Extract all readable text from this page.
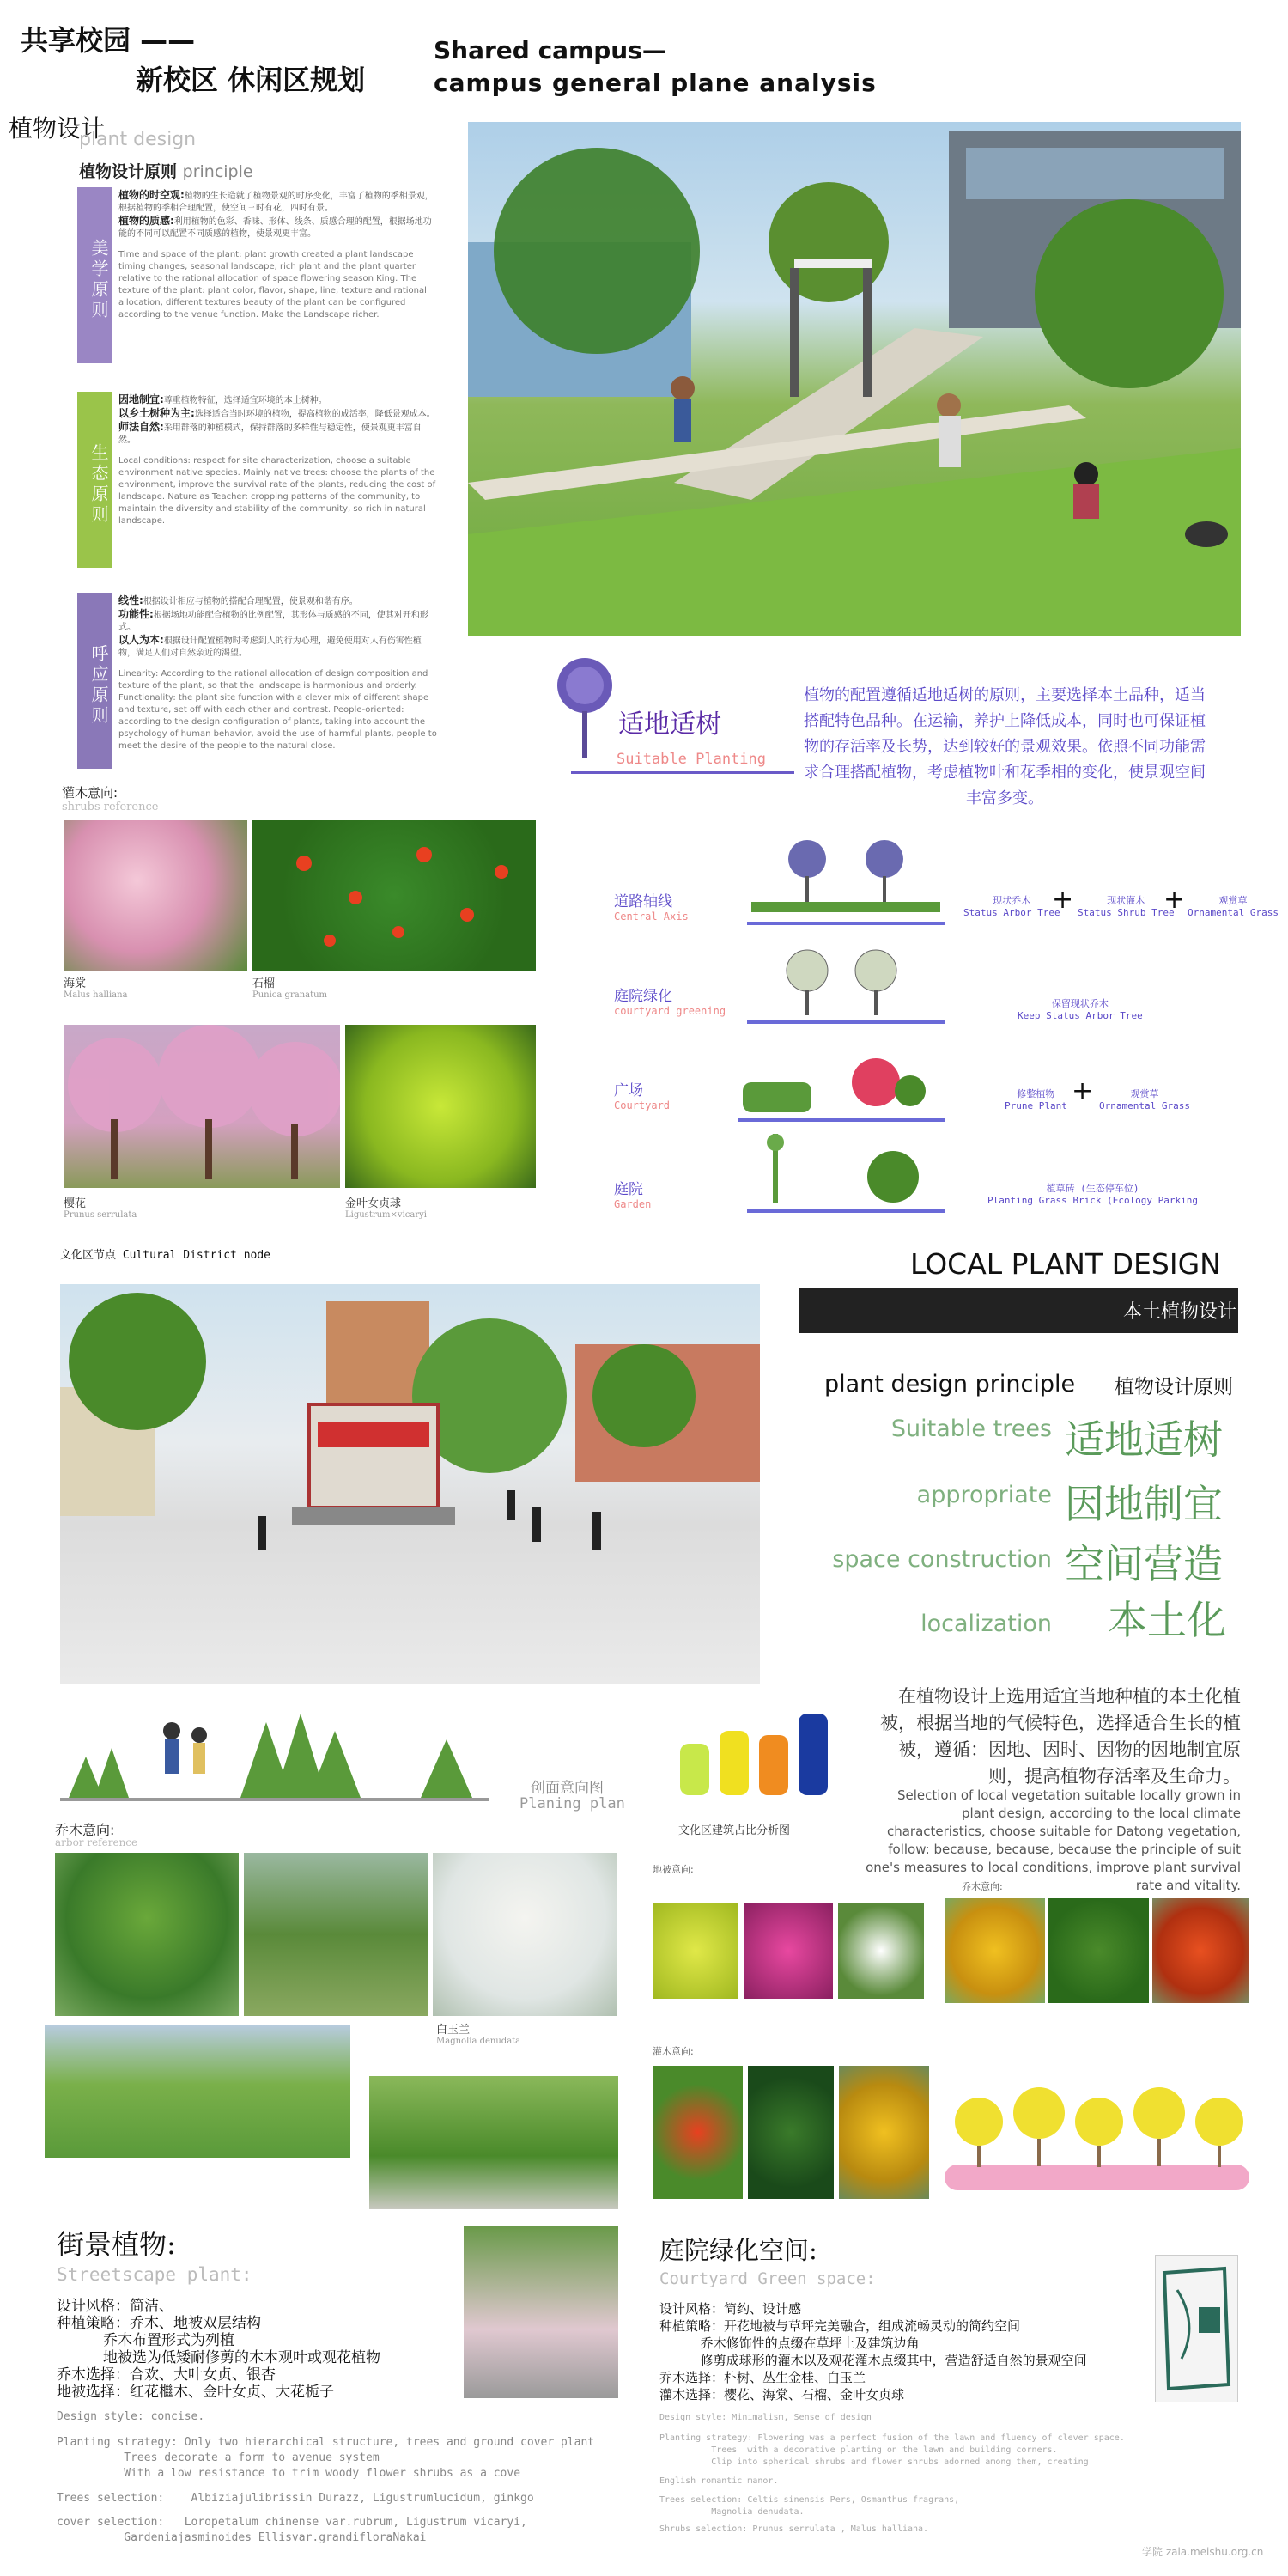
共享校园 ——
新校区 休闲区规划
Shared campus—
campus general plane analysis
植物设计
plant design
植物设计原则 principle
美学原则
植物的时空观:植物的生长造就了植物景观的时序变化，丰富了植物的季相景观，根据植物的季相合理配置，使空间三时有花，四时有景。
植物的质感:利用植物的色彩、香味、形体、线条、质感合理的配置，根据场地功能的不同可以配置不同质感的植物，使景观更丰富。
Time and space of the plant: plant growth created a plant landscape timing changes, seasonal landscape, rich plant and the plant quarter relative to the rational allocation of space flowering season King. The texture of the plant: plant color, flavor, shape, line, texture and rational allocation, different textures beauty of the plant can be configured according to the venue function. Make the Landscape richer.
生态原则
因地制宜:尊重植物特征，选择适宜环境的本土树种。
以乡土树种为主:选择适合当时环境的植物，提高植物的成活率，降低景观成本。
师法自然:采用群落的种植模式，保持群落的多样性与稳定性，使景观更丰富自然。
Local conditions: respect for site characterization, choose a suitable environment native species. Mainly native trees: choose the plants of the environment, improve the survival rate of the plants, reducing the cost of landscape. Nature as Teacher: cropping patterns of the community, to maintain the diversity and stability of the community, so rich in natural landscape.
呼应原则
线性:根据设计相应与植物的搭配合理配置，使景观和谐有序。
功能性:根据场地功能配合植物的比例配置，其形体与质感的不同，使其对开和形式。
以人为本:根据设计配置植物时考虑到人的行为心理，避免使用对人有伤害性植物，满足人们对自然亲近的渴望。
Linearity: According to the rational allocation of design composition and texture of the plant, so that the landscape is harmonious and orderly. Functionality: the plant site function with a clever mix of different shape and texture, set off with each other and contrast. People-oriented: according to the design configuration of plants, taking into account the psychology of human behavior, avoid the use of harmful plants, people to meet the desire of the people to the natural close.
灌木意向:
shrubs reference
海棠
Malus halliana
石榴
Punica granatum
樱花
Prunus serrulata
金叶女贞球
Ligustrum×vicaryi
适地适树
Suitable Planting
植物的配置遵循适地适树的原则，主要选择本土品种，适当搭配特色品种。在运输，养护上降低成本，同时也可保证植物的存活率及长势，达到较好的景观效果。依照不同功能需求合理搭配植物，考虑植物叶和花季相的变化，使景观空间丰富多变。
道路轴线
Central Axis
现状乔木
Status Arbor Tree
+	现状灌木
Status Shrub Tree
+	观赏草
Ornamental Grass
庭院绿化
courtyard greening
保留现状乔木
Keep Status Arbor Tree
广场
Courtyard
修整植物
Prune Plant +	观赏草
Ornamental Grass
庭院
Garden
植草砖 (生态停车位)
Planting Grass Brick (Ecology Parking
文化区节点 Cultural District node	LOCAL PLANT DESIGN
本土植物设计
plant design principle 植物设计原则
Suitable trees 适地适树
appropriate 因地制宜
space construction 空间营造
localization 本土化
在植物设计上选用适宜当地种植的本土化植被，根据当地的气候特色，选择适合生长的植被，遵循：因地、因时、因物的因地制宜原则，提高植物存活率及生命力。
Selection of local vegetation suitable locally grown in plant design, according to the local climate characteristics, choose suitable for Datong vegetation, follow: because, because, because the principle of suit one's measures to local conditions, improve plant survival rate and vitality.
创面意向图
Planing plan
文化区建筑占比分析图
乔木意向:
arbor reference
白玉兰
Magnolia denudata
地被意向:
乔木意向:
灌木意向:
街景植物:
Streetscape plant:
设计风格：简洁、
种植策略：乔木、地被双层结构
乔木布置形式为列植
地被选为低矮耐修剪的木本观叶或观花植物
乔木选择：合欢、大叶女贞、银杏
地被选择：红花檵木、金叶女贞、大花栀子
Design style: concise.
Planting strategy: Only two hierarchical structure, trees and ground cover plant
Trees decorate a form to avenue system
With a low resistance to trim woody flower shrubs as a cove
Trees selection:    Albiziajulibrissin Durazz, Ligustrumlucidum, ginkgo
cover selection:   Loropetalum chinense var.rubrum, Ligustrum vicaryi,
Gardeniajasminoides Ellisvar.grandifloraNakai
庭院绿化空间:
Courtyard Green space:
设计风格：简约、设计感
种植策略：开花地被与草坪完美融合，组成流畅灵动的简约空间
乔木修饰性的点缀在草坪上及建筑边角
修剪成球形的灌木以及观花灌木点缀其中，营造舒适自然的景观空间
乔木选择：朴树、丛生金桂、白玉兰
灌木选择：樱花、海棠、石榴、金叶女贞球
Design style: Minimalism, Sense of design
Planting strategy: Flowering was a perfect fusion of the lawn and fluency of clever space.
Trees  with a decorative planting on the lawn and building corners.
Clip into spherical shrubs and flower shrubs adorned among them, creating
English romantic manor.
Trees selection: Celtis sinensis Pers, Osmanthus fragrans,
Magnolia denudata.
Shrubs selection: Prunus serrulata , Malus halliana.
学院 zala.meishu.org.cn
